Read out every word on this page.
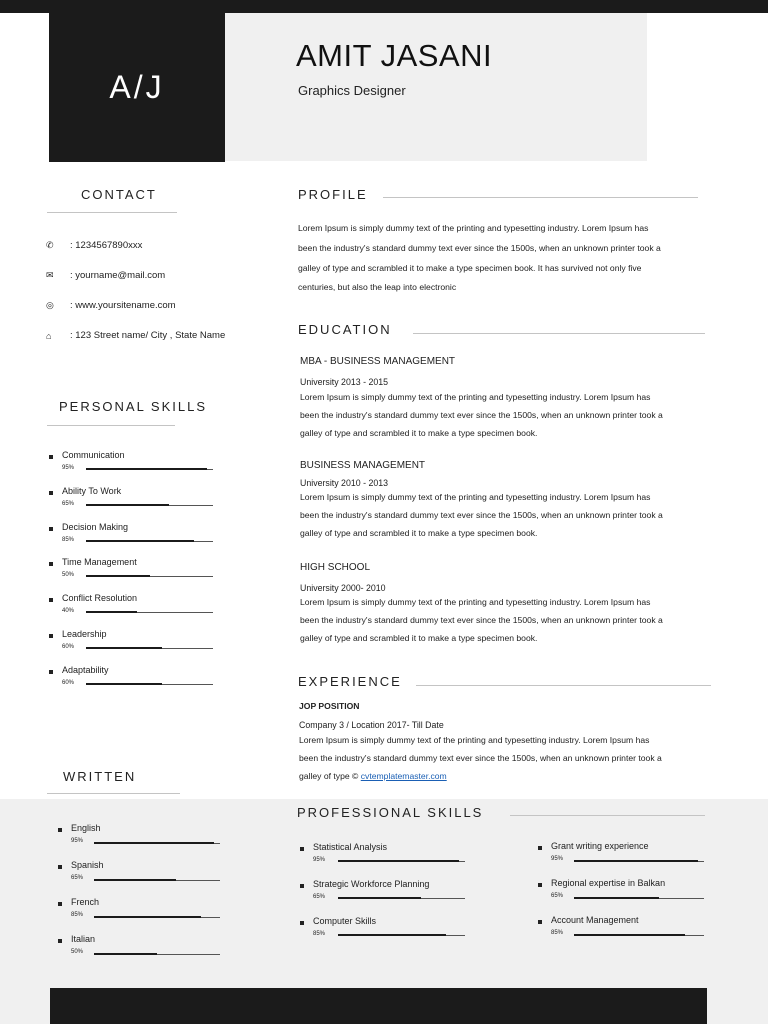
A/J
AMIT JASANI
Graphics Designer
CONTACT
✆	: 1234567890xxx
✉	: yourname@mail.com
◎	: www.yoursitename.com
⌂	: 123 Street name/ City , State Name
PERSONAL SKILLS
Communication
95%
Ability To Work
65%
Decision Making
85%
Time Management
50%
Conflict Resolution
40%
Leadership
60%
Adaptability
60%
WRITTEN
English
95%
Spanish
65%
French
85%
Italian
50%
PROFILE
Lorem Ipsum is simply dummy text of the printing and typesetting industry. Lorem Ipsum has
been the industry's standard dummy text ever since the 1500s, when an unknown printer took a
galley of type and scrambled it to make a type specimen book. It has survived not only five
centuries, but also the leap into electronic
EDUCATION
MBA - BUSINESS MANAGEMENT
University 2013 - 2015
Lorem Ipsum is simply dummy text of the printing and typesetting industry. Lorem Ipsum has
been the industry's standard dummy text ever since the 1500s, when an unknown printer took a
galley of type and scrambled it to make a type specimen book.
BUSINESS MANAGEMENT
University 2010 - 2013
Lorem Ipsum is simply dummy text of the printing and typesetting industry. Lorem Ipsum has
been the industry's standard dummy text ever since the 1500s, when an unknown printer took a
galley of type and scrambled it to make a type specimen book.
HIGH SCHOOL
University 2000- 2010
Lorem Ipsum is simply dummy text of the printing and typesetting industry. Lorem Ipsum has
been the industry's standard dummy text ever since the 1500s, when an unknown printer took a
galley of type and scrambled it to make a type specimen book.
EXPERIENCE
JOP POSITION
Company 3 / Location 2017- Till Date
Lorem Ipsum is simply dummy text of the printing and typesetting industry. Lorem Ipsum has
been the industry's standard dummy text ever since the 1500s, when an unknown printer took a
galley of type © cvtemplatemaster.com
PROFESSIONAL SKILLS
Statistical Analysis
95%
Strategic Workforce Planning
65%
Computer Skills
85%
Grant writing experience
95%
Regional expertise in Balkan
65%
Account Management
85%
